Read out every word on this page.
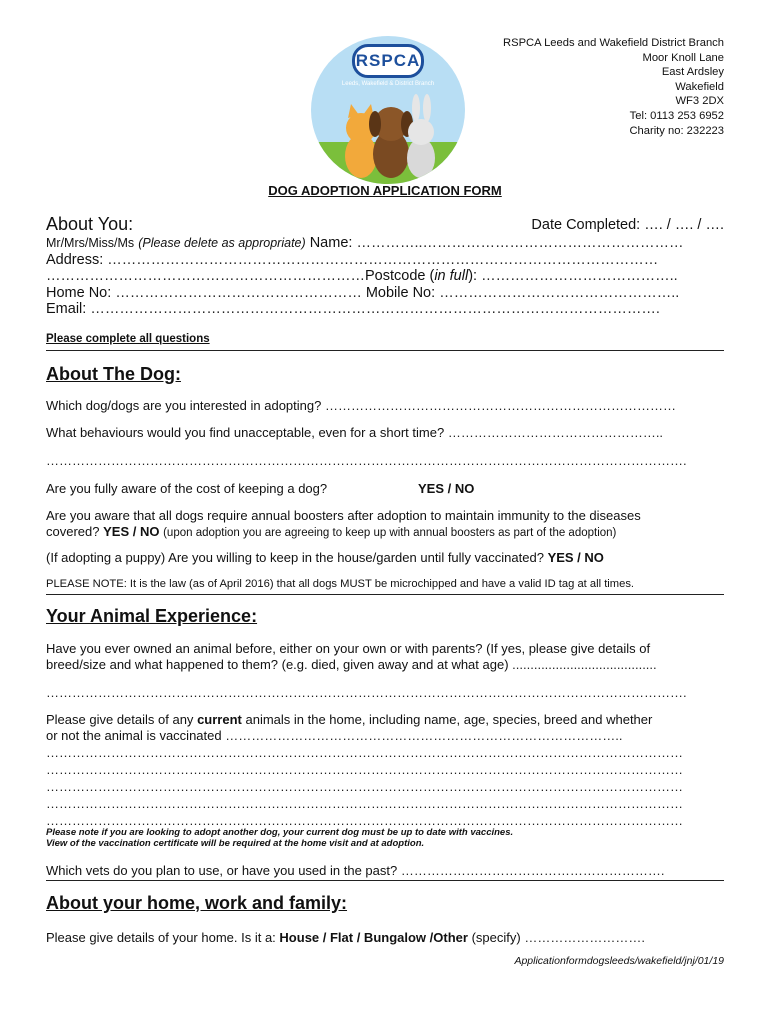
RSPCA
Leeds, Wakefield & District Branch
RSPCA Leeds and Wakefield District Branch
Moor Knoll Lane
East Ardsley
Wakefield
WF3 2DX
Tel: 0113 253 6952
Charity no: 232223
DOG ADOPTION APPLICATION FORM
About You:	Date Completed: …. / …. / ….
Mr/Mrs/Miss/Ms (Please delete as appropriate) Name: …………..………………………………………………
Address: ……………………………………………………………………………………………………
…………………………………………………………Postcode (in full): …………………………………..
Home No: …………………………………………… Mobile No: …………………………………………..
Email: ……………………………………………………………………………………………………….
Please complete all questions
About The Dog:
Which dog/dogs are you interested in adopting? ………………………………………………………………………
What behaviours would you find unacceptable, even for a short time? …………………………………………..
………………………………………………………………………………………………………………………………….
Are you fully aware of the cost of keeping a dog?	YES / NO
Are you aware that all dogs require annual boosters after adoption to maintain immunity to the diseases
covered? YES / NO (upon adoption you are agreeing to keep up with annual boosters as part of the adoption)
(If adopting a puppy) Are you willing to keep in the house/garden until fully vaccinated? YES / NO
PLEASE NOTE: It is the law (as of April 2016) that all dogs MUST be microchipped and have a valid ID tag at all times.
Your Animal Experience:
Have you ever owned an animal before, either on your own or with parents? (If yes, please give details of
breed/size and what happened to them? (e.g. died, given away and at what age) ........................................
………………………………………………………………………………………………………………………………….
Please give details of any current animals in the home, including name, age, species, breed and whether
or not the animal is vaccinated ………………………………………………………………………………..
…………………………………………………………………………………………………………………………………
…………………………………………………………………………………………………………………………………
…………………………………………………………………………………………………………………………………
…………………………………………………………………………………………………………………………………
…………………………………………………………………………………………………………………………………
Please note if you are looking to adopt another dog, your current dog must be up to date with vaccines.
View of the vaccination certificate will be required at the home visit and at adoption.
Which vets do you plan to use, or have you used in the past? …………………………………………………….
About your home, work and family:
Please give details of your home. Is it a: House / Flat / Bungalow /Other (specify) ……………………….
Applicationformdogsleeds/wakefield/jnj/01/19
